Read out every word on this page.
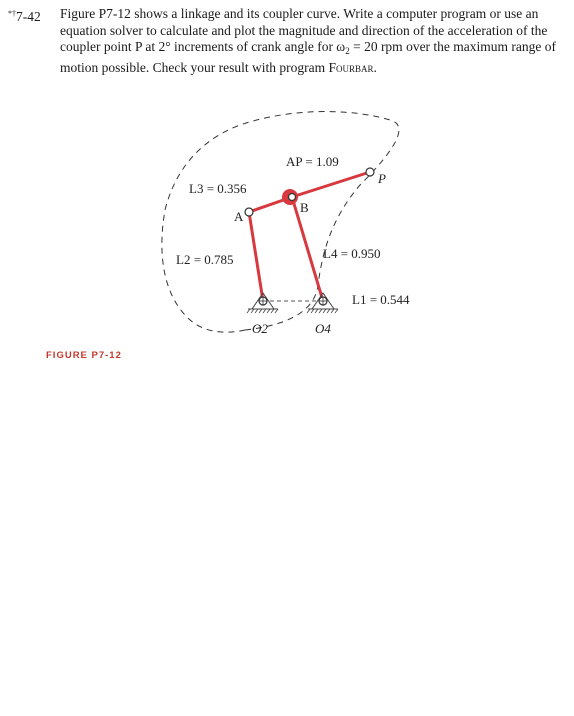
*†7-42 Figure P7-12 shows a linkage and its coupler curve. Write a computer program or use an equation solver to calculate and plot the magnitude and direction of the acceleration of the coupler point P at 2° increments of crank angle for $\omega_2 = 20$ rpm over the maximum range of motion possible. Check your result with program Fourbar.
AP = 1.09
L3 = 0.356
L2 = 0.785	L4 = 0.950
L1 = 0.544
A
B
P
O2	O4
FIGURE P7-12
